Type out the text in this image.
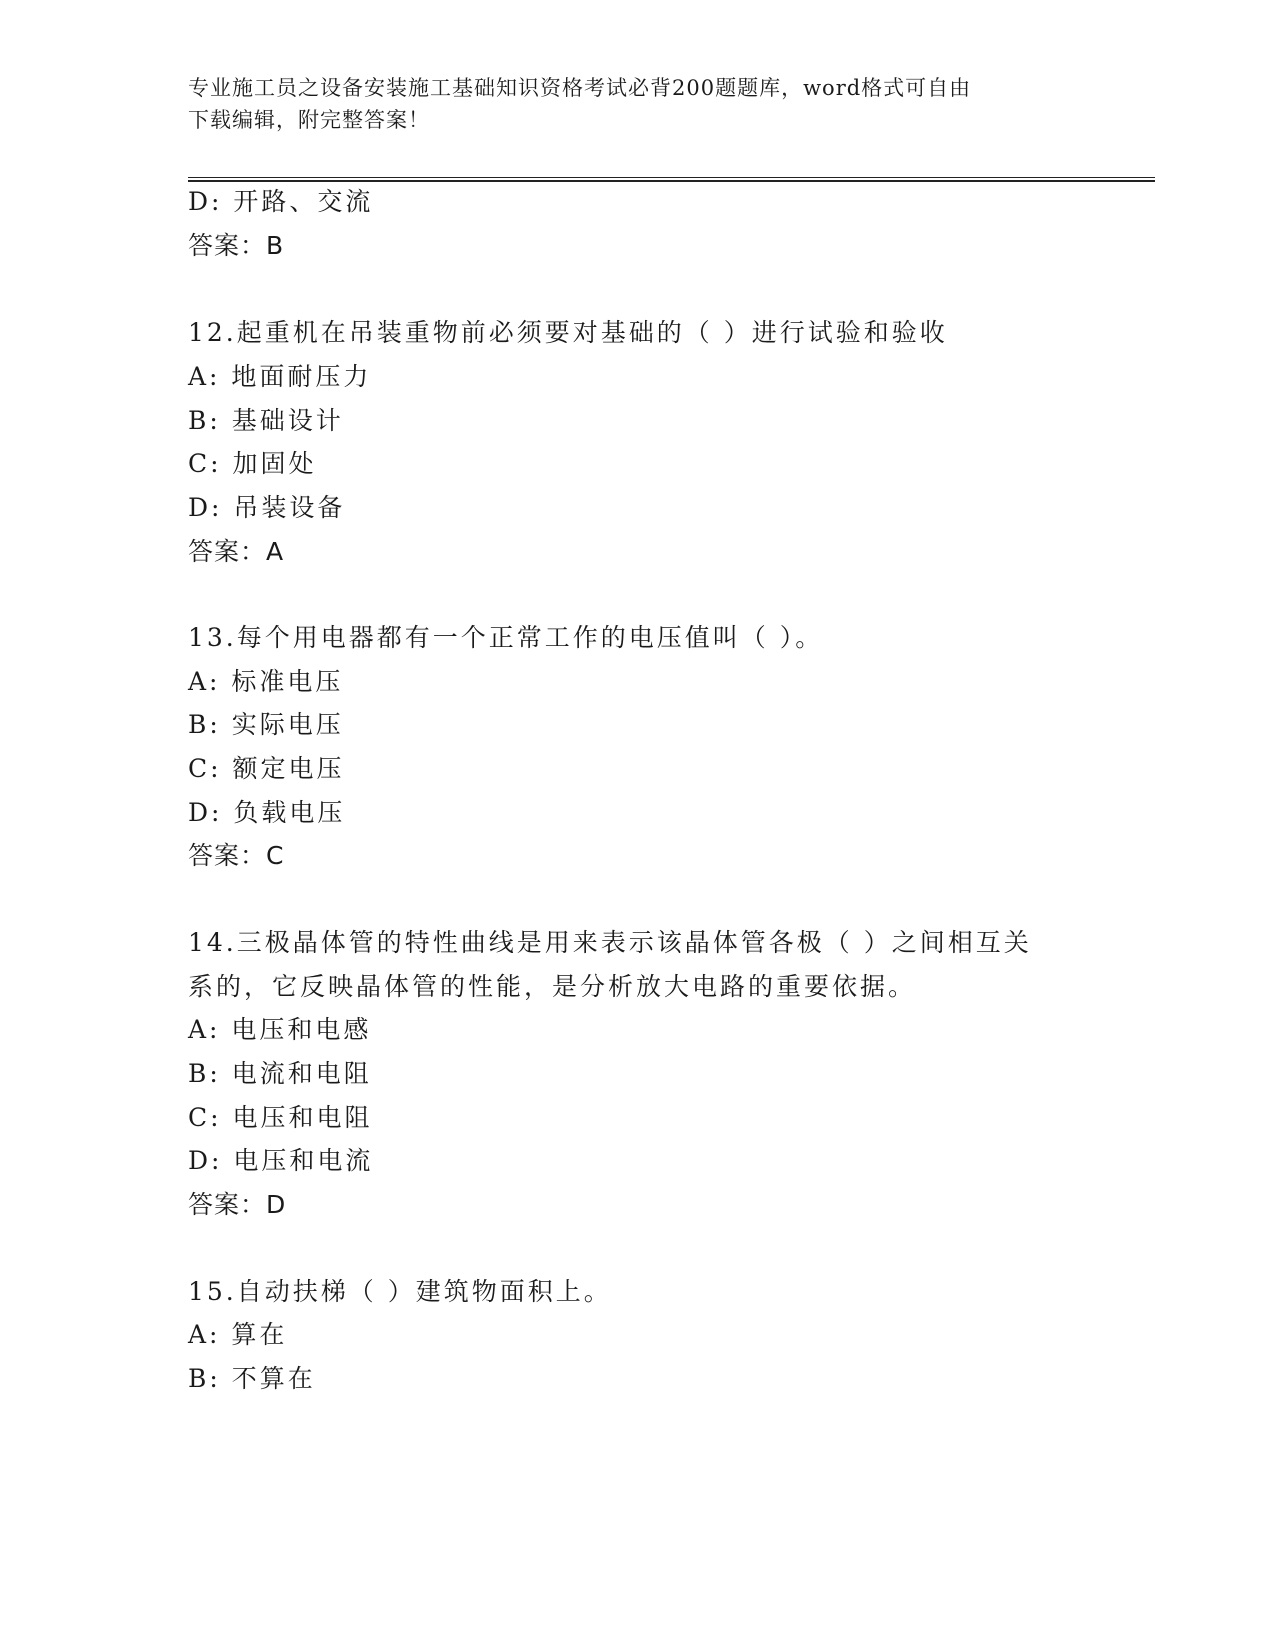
专业施工员之设备安装施工基础知识资格考试必背200题题库，word格式可自由
下载编辑，附完整答案！
D: 开路、交流
答案：B
12.起重机在吊装重物前必须要对基础的（ ）进行试验和验收
A: 地面耐压力
B: 基础设计
C: 加固处
D: 吊装设备
答案：A
13.每个用电器都有一个正常工作的电压值叫（ ）。
A: 标准电压
B: 实际电压
C: 额定电压
D: 负载电压
答案：C
14.三极晶体管的特性曲线是用来表示该晶体管各极（ ）之间相互关
系的，它反映晶体管的性能，是分析放大电路的重要依据。
A: 电压和电感
B: 电流和电阻
C: 电压和电阻
D: 电压和电流
答案：D
15.自动扶梯（ ）建筑物面积上。
A: 算在
B: 不算在
